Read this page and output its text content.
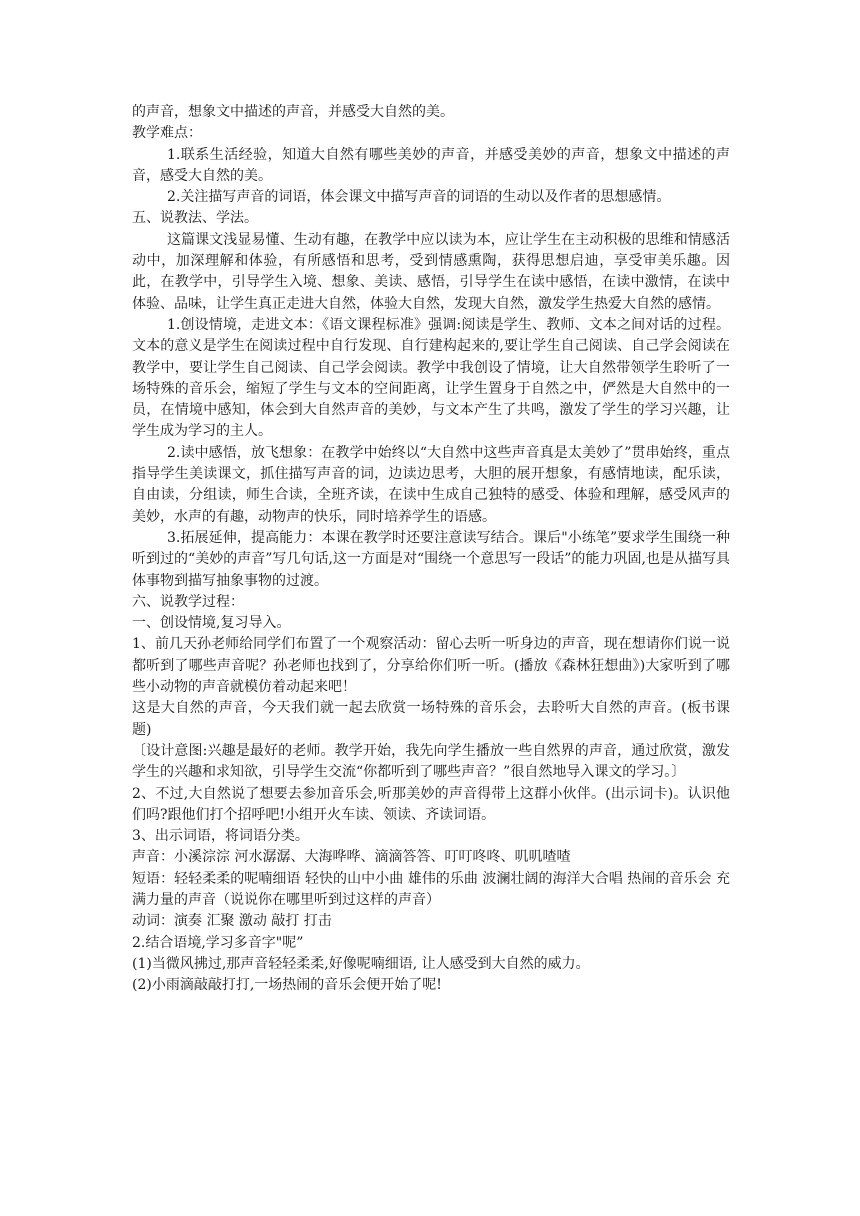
的声音，想象文中描述的声音，并感受大自然的美。

教学难点：

1.联系生活经验，知道大自然有哪些美妙的声音，并感受美妙的声音，想象文中描述的声音，感受大自然的美。

2.关注描写声音的词语，体会课文中描写声音的词语的生动以及作者的思想感情。

五、说教法、学法。

这篇课文浅显易懂、生动有趣，在教学中应以读为本，应让学生在主动积极的思维和情感活动中，加深理解和体验，有所感悟和思考，受到情感熏陶，获得思想启迪，享受审美乐趣。因此，在教学中，引导学生入境、想象、美读、感悟，引导学生在读中感悟，在读中激情，在读中体验、品味，让学生真正走进大自然，体验大自然，发现大自然，激发学生热爱大自然的感情。

1.创设情境，走进文本：《语文课程标准》强调:阅读是学生、教师、文本之间对话的过程。文本的意义是学生在阅读过程中自行发现、自行建构起来的,要让学生自己阅读、自己学会阅读在教学中，要让学生自己阅读、自己学会阅读。教学中我创设了情境，让大自然带领学生聆听了一场特殊的音乐会，缩短了学生与文本的空间距离，让学生置身于自然之中，俨然是大自然中的一员，在情境中感知，体会到大自然声音的美妙，与文本产生了共鸣，激发了学生的学习兴趣，让学生成为学习的主人。

2.读中感悟，放飞想象：在教学中始终以“大自然中这些声音真是太美妙了”贯串始终，重点指导学生美读课文，抓住描写声音的词，边读边思考，大胆的展开想象，有感情地读，配乐读，自由读，分组读，师生合读，全班齐读，在读中生成自己独特的感受、体验和理解，感受风声的美妙，水声的有趣，动物声的快乐，同时培养学生的语感。

3.拓展延伸，提高能力：本课在教学时还要注意读写结合。课后"小练笔”要求学生围绕一种听到过的“美妙的声音”写几句话,这一方面是对“围绕一个意思写一段话”的能力巩固,也是从描写具体事物到描写抽象事物的过渡。

六、说教学过程：

一、创设情境,复习导入。

1、前几天孙老师给同学们布置了一个观察活动：留心去听一听身边的声音，现在想请你们说一说都听到了哪些声音呢？孙老师也找到了，分享给你们听一听。(播放《森林狂想曲》)大家听到了哪些小动物的声音就模仿着动起来吧！

这是大自然的声音，今天我们就一起去欣赏一场特殊的音乐会，去聆听大自然的声音。(板书课题)

〔设计意图:兴趣是最好的老师。教学开始，我先向学生播放一些自然界的声音，通过欣赏，激发学生的兴趣和求知欲，引导学生交流“你都听到了哪些声音？”很自然地导入课文的学习。〕

2、不过,大自然说了想要去参加音乐会,听那美妙的声音得带上这群小伙伴。(出示词卡)。认识他们吗?跟他们打个招呼吧!小组开火车读、领读、齐读词语。

3、出示词语，将词语分类。

声音：小溪淙淙 河水潺潺、大海哗哗、滴滴答答、叮叮咚咚、叽叽喳喳

短语：轻轻柔柔的呢喃细语 轻快的山中小曲 雄伟的乐曲 波澜壮阔的海洋大合唱 热闹的音乐会 充满力量的声音（说说你在哪里听到过这样的声音）

动词：演奏 汇聚 激动 敲打 打击

2.结合语境,学习多音字"呢”

(1)当微风拂过,那声音轻轻柔柔,好像呢喃细语, 让人感受到大自然的威力。

(2)小雨滴敲敲打打,一场热闹的音乐会便开始了呢!
